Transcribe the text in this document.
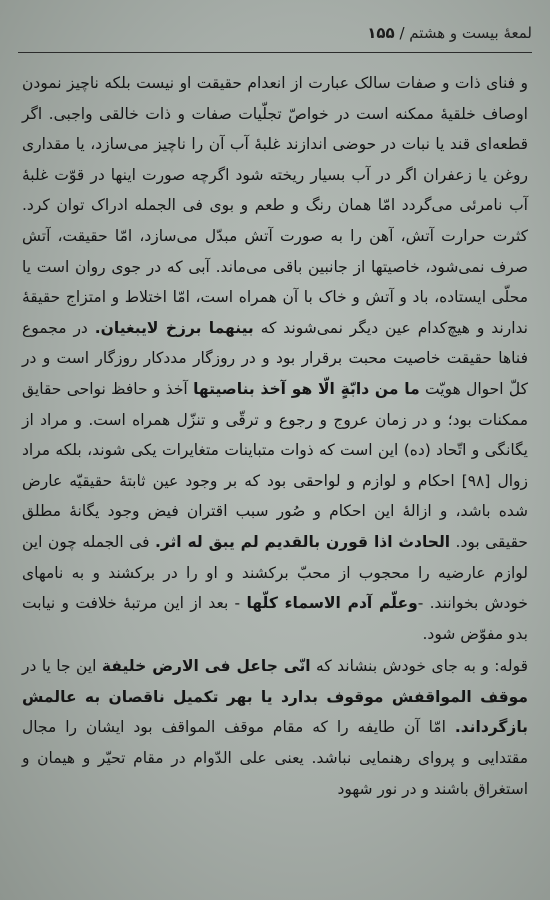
لمعهٔ بیست و هشتم / ۱۵۵

و فنای ذات و صفات سالک عبارت از انعدام حقیقت او نیست بلکه ناچیز نمودن اوصاف خلقیهٔ ممکنه است در خواصّ تجلّیات صفات و ذات خالقی واجبی. اگر قطعه‌ای قند یا نبات در حوضی اندازند غلبهٔ آب آن را ناچیز می‌سازد، یا مقداری روغن یا زعفران اگر در آب بسیار ریخته شود اگرچه صورت اینها در قوّت غلبهٔ آب نامرئی می‌گردد امّا همان رنگ و طعم و بوی فی الجمله ادراک توان کرد. کثرت حرارت آتش، آهن را به صورت آتش مبدّل می‌سازد، امّا حقیقت، آتش صرف نمی‌شود، خاصیتها از جانبین باقی می‌ماند. آبی که در جوی روان است یا محلّی ایستاده، باد و آتش و خاک با آن همراه است، امّا اختلاط و امتزاج حقیقهٔ ندارند و هیچ‌کدام عین دیگر نمی‌شوند که بینهما برزخ لایبغیان. در مجموع فنا‌ها حقیقت خاصیت محبت برقرار بود و در روزگار مددکار روزگار است و در کلّ احوال هویّت ما من دابّةٍ الّا هو آخذ بناصیتها آخذ و حافظ نواحی حقایق ممکنات بود؛ و در زمان عروج و رجوع و ترقّی و تنزّل همراه است. و مراد از یگانگی و اتّحاد (ده) این است که ذوات متباینات متغایرات یکی شوند، بلکه مراد زوال [۹۸] احکام و لوازم و لواحقی بود که بر وجود عین ثابتهٔ حقیقیّه عارض شده باشد، و ازالهٔ این احکام و صُور سبب اقتران فیض وجود یگانهٔ مطلق حقیقی بود. الحادث اذا قورن بالقدیم لم یبق له اثر. فی الجمله چون این لوازم عارضیه را محجوب از محبّ برکشند و او را در برکشند و به نامهای خودش بخوانند. -وعلّم آدم الاسماء کلّها - بعد از این مرتبهٔ خلافت و نیابت بدو مفوّض شود.

قوله: و به جای خودش بنشاند که انّی جاعل فی الارض خلیفة این جا یا در موقف المواقفش موقوف بدارد یا بهر تکمیل ناقصان به عالمش بازگرداند. امّا آن طایفه را که مقام موقف المواقف بود ایشان را مجال مقتدایی و پروای رهنمایی نباشد. یعنی علی الدّوام در مقام تحیّر و هیمان و استغراق باشند و در نور شهود
